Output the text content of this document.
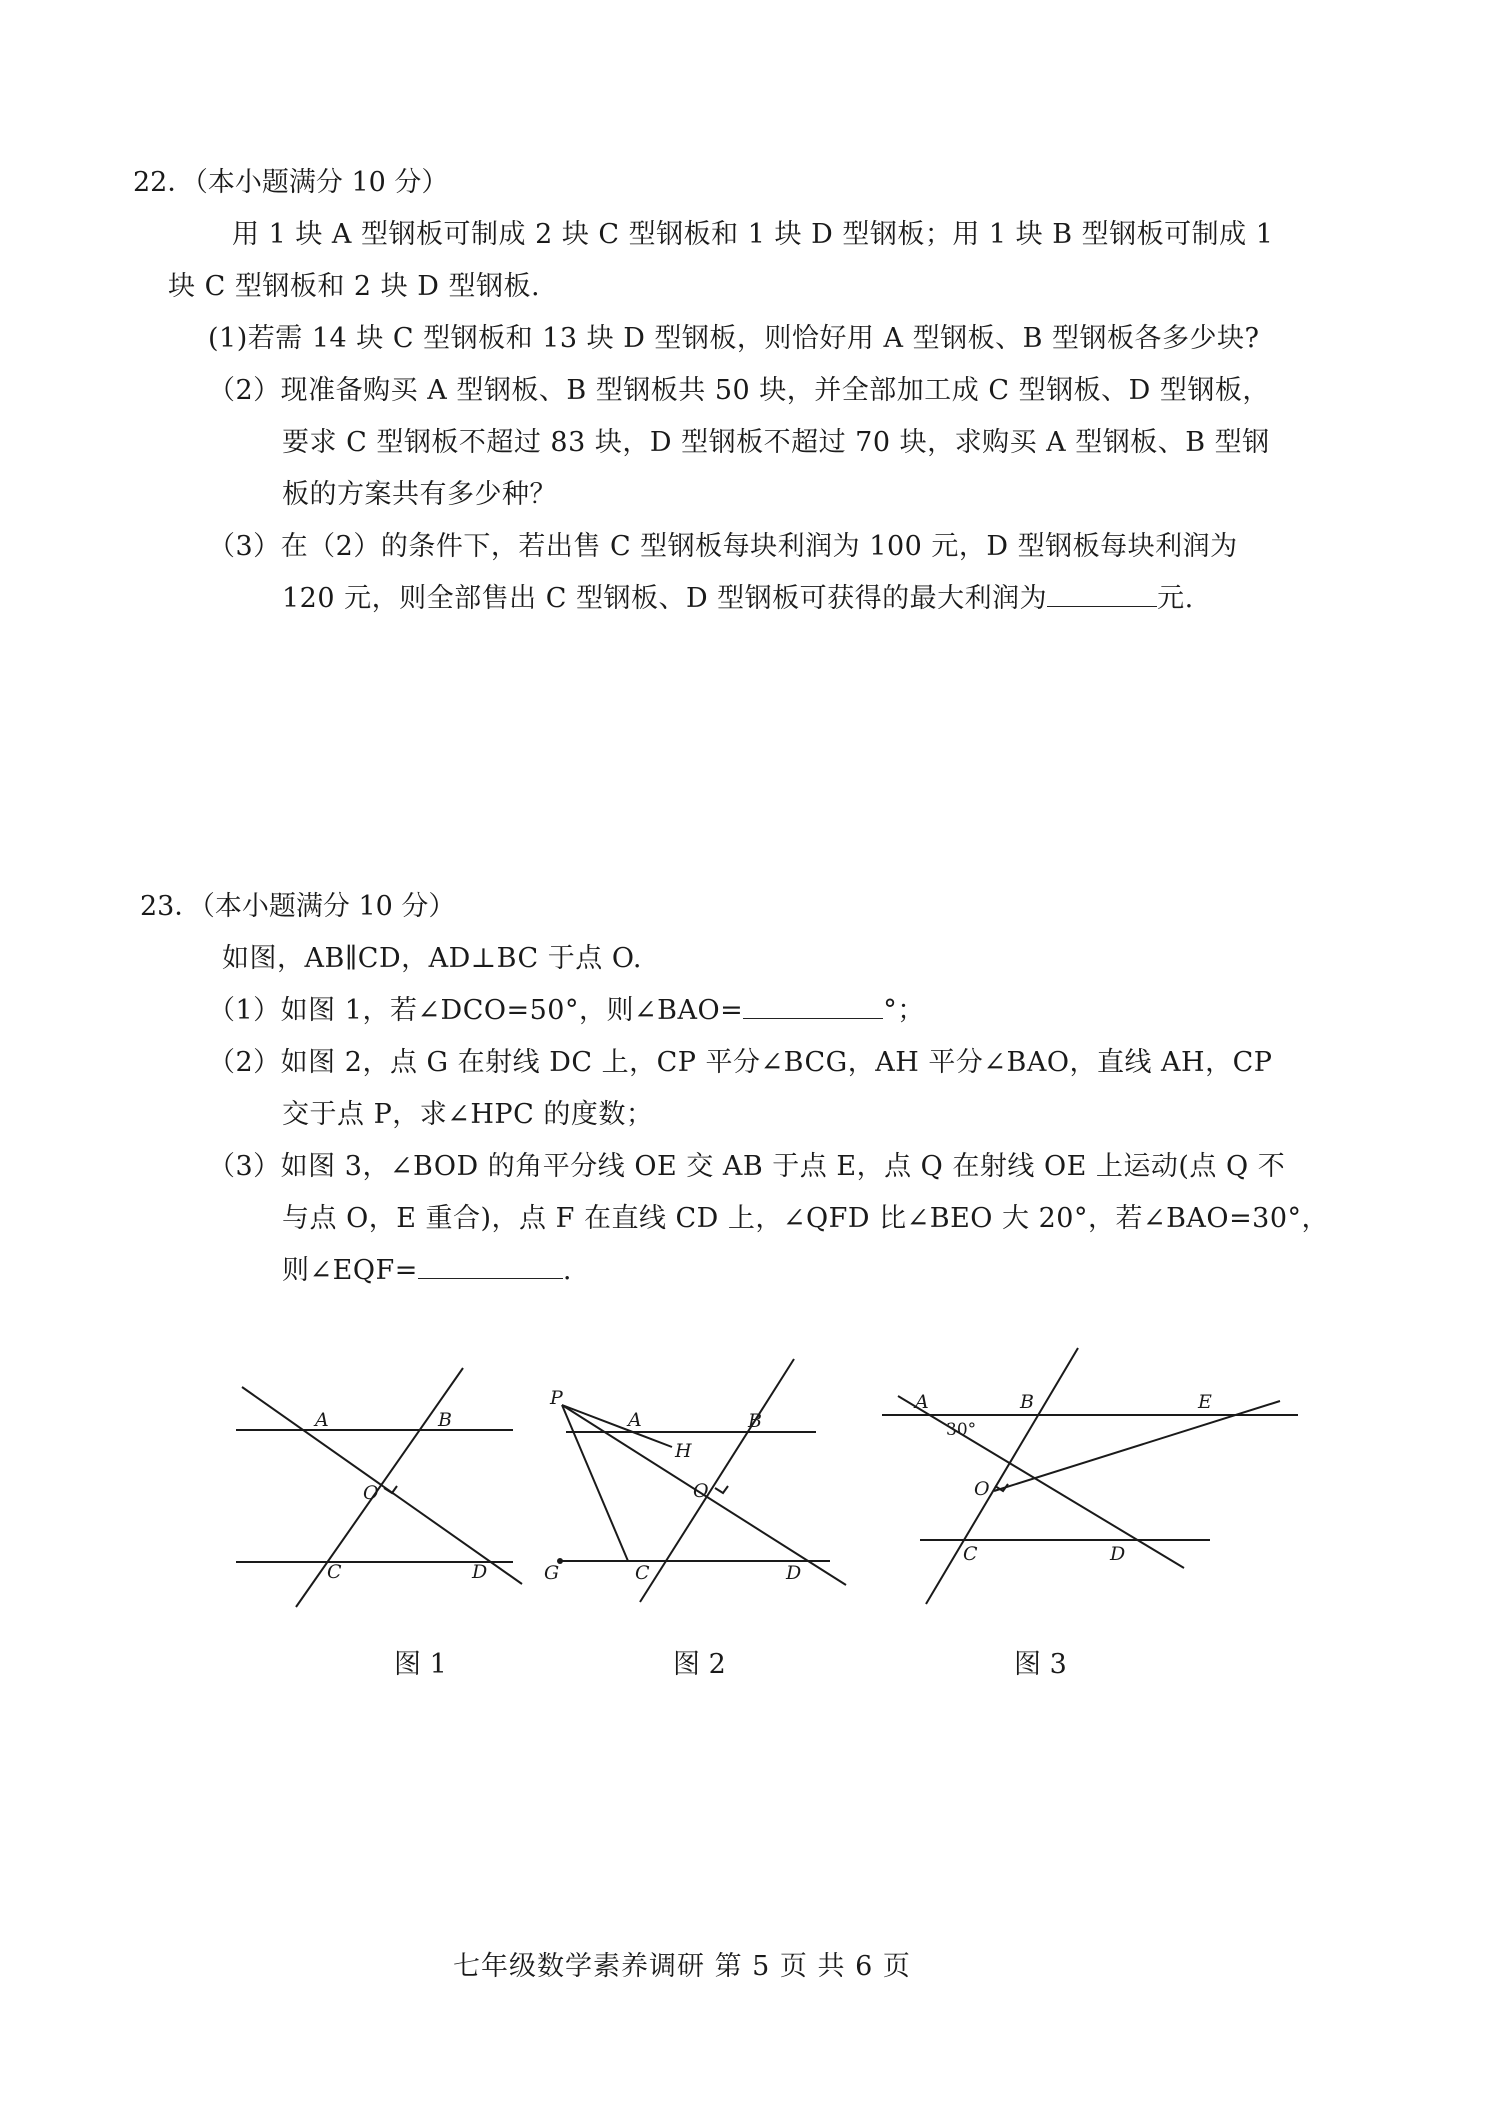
22．（本小题满分 10 分）
用 1 块 A 型钢板可制成 2 块 C 型钢板和 1 块 D 型钢板；用 1 块 B 型钢板可制成 1
块 C 型钢板和 2 块 D 型钢板.
(1)若需 14 块 C 型钢板和 13 块 D 型钢板，则恰好用 A 型钢板、B 型钢板各多少块?
（2）现准备购买 A 型钢板、B 型钢板共 50 块，并全部加工成 C 型钢板、D 型钢板，
要求 C 型钢板不超过 83 块，D 型钢板不超过 70 块，求购买 A 型钢板、B 型钢
板的方案共有多少种？
（3）在（2）的条件下，若出售 C 型钢板每块利润为 100 元，D 型钢板每块利润为
120 元，则全部售出 C 型钢板、D 型钢板可获得的最大利润为	元.
23．（本小题满分 10 分）
如图，AB∥CD，AD⊥BC 于点 O.
（1）如图 1，若∠DCO=50°，则∠BAO=	°；
（2）如图 2，点 G 在射线 DC 上，CP 平分∠BCG，AH 平分∠BAO，直线 AH，CP
交于点 P，求∠HPC 的度数；
（3）如图 3，∠BOD 的角平分线 OE 交 AB 于点 E，点 Q 在射线 OE 上运动(点 Q 不
与点 O，E 重合)，点 F 在直线 CD 上，∠QFD 比∠BEO 大 20°，若∠BAO=30°，
则∠EQF=	.
A	B
O
C	D
P
A
H
B
O
G	C	D
A
30°
B	E
O
C	D
图 1	图 2	图 3
七年级数学素养调研 第 5 页 共 6 页
